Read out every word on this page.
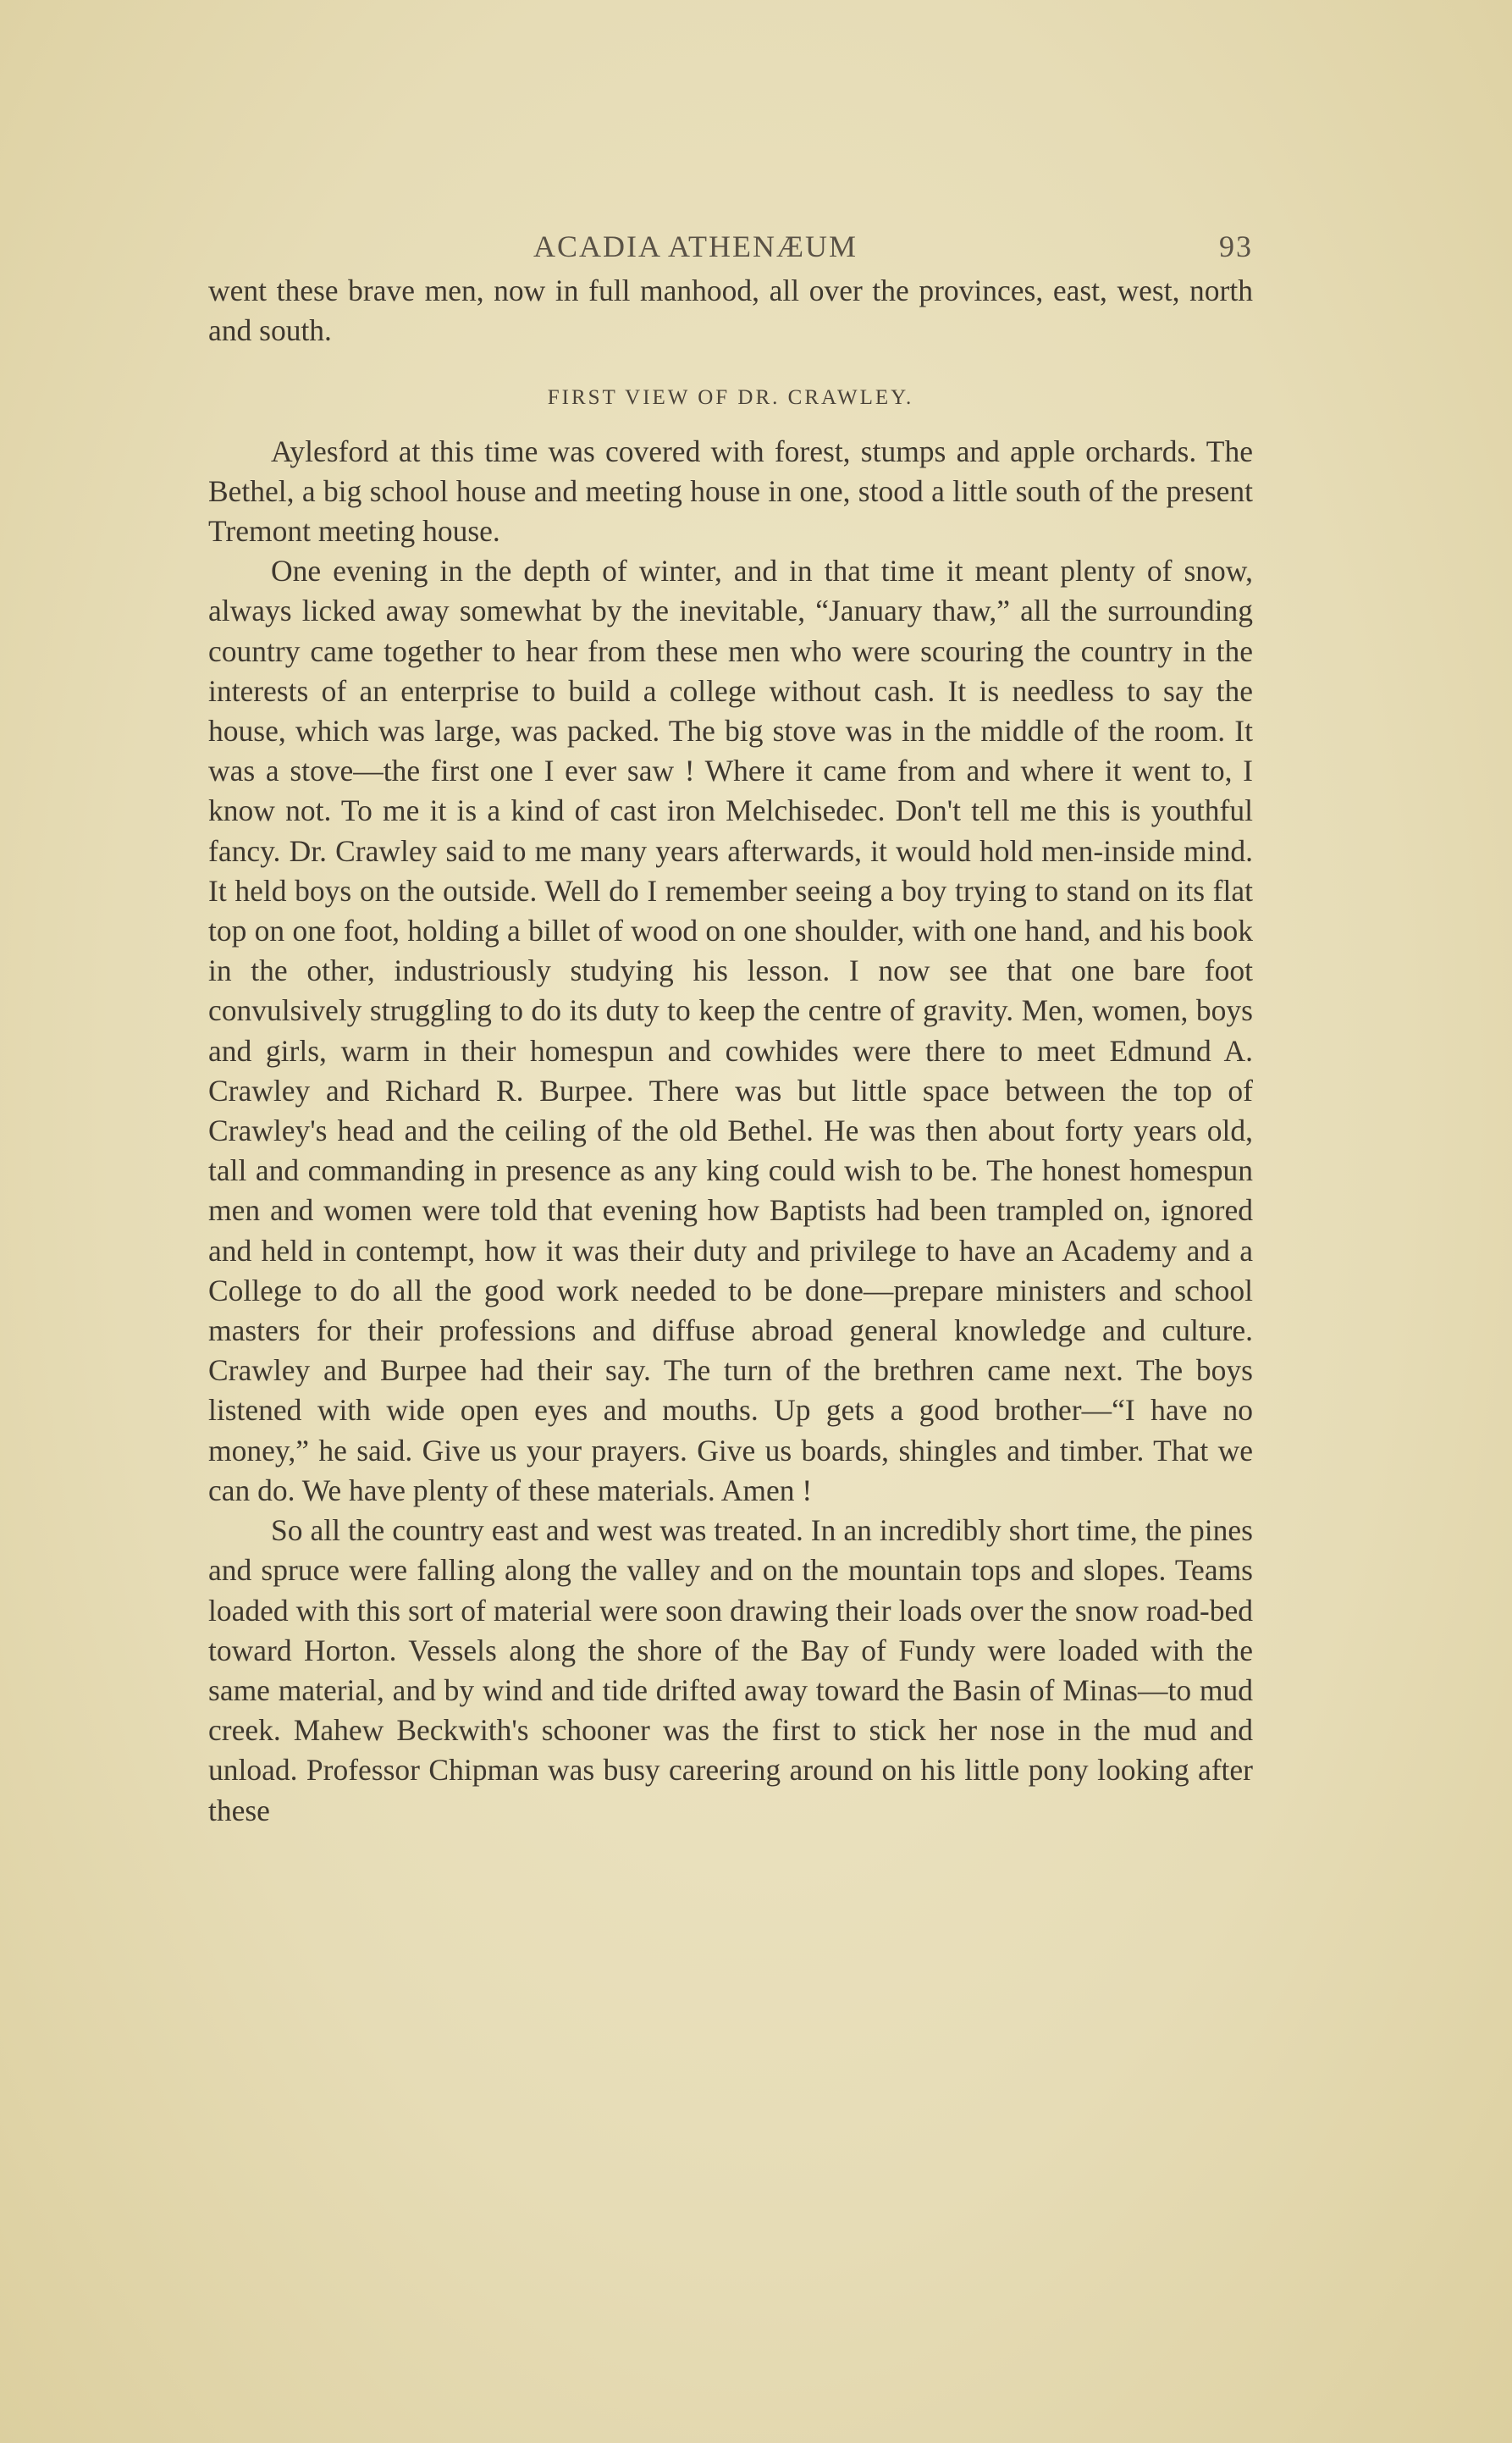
ACADIA ATHENÆUM	93

went these brave men, now in full manhood, all over the provinces, east, west, north and south.

FIRST VIEW OF DR. CRAWLEY.

Aylesford at this time was covered with forest, stumps and apple orchards. The Bethel, a big school house and meeting house in one, stood a little south of the present Tremont meeting house.

One evening in the depth of winter, and in that time it meant plenty of snow, always licked away somewhat by the inevitable, “January thaw,” all the surrounding country came together to hear from these men who were scouring the country in the interests of an enterprise to build a college without cash. It is needless to say the house, which was large, was packed. The big stove was in the middle of the room. It was a stove—the first one I ever saw ! Where it came from and where it went to, I know not. To me it is a kind of cast iron Melchisedec. Don't tell me this is youthful fancy. Dr. Crawley said to me many years afterwards, it would hold men-inside mind. It held boys on the outside. Well do I remember seeing a boy trying to stand on its flat top on one foot, holding a billet of wood on one shoulder, with one hand, and his book in the other, industriously studying his lesson. I now see that one bare foot convulsively struggling to do its duty to keep the centre of gravity. Men, women, boys and girls, warm in their homespun and cowhides were there to meet Edmund A. Crawley and Richard R. Burpee. There was but little space between the top of Crawley's head and the ceiling of the old Bethel. He was then about forty years old, tall and commanding in presence as any king could wish to be. The honest homespun men and women were told that evening how Baptists had been trampled on, ignored and held in contempt, how it was their duty and privilege to have an Academy and a College to do all the good work needed to be done—prepare ministers and school masters for their professions and diffuse abroad general knowledge and culture. Crawley and Burpee had their say. The turn of the brethren came next. The boys listened with wide open eyes and mouths. Up gets a good brother—“I have no money,” he said. Give us your prayers. Give us boards, shingles and timber. That we can do. We have plenty of these materials. Amen !

So all the country east and west was treated. In an incredibly short time, the pines and spruce were falling along the valley and on the mountain tops and slopes. Teams loaded with this sort of material were soon drawing their loads over the snow road-bed toward Horton. Vessels along the shore of the Bay of Fundy were loaded with the same material, and by wind and tide drifted away toward the Basin of Minas—to mud creek. Mahew Beckwith's schooner was the first to stick her nose in the mud and unload. Professor Chipman was busy careering around on his little pony looking after these
